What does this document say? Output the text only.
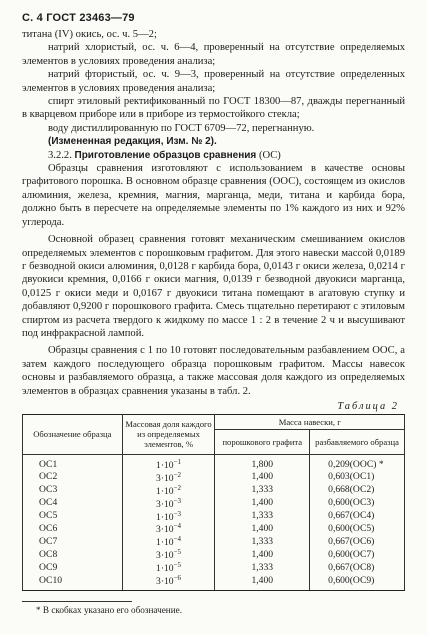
С. 4 ГОСТ 23463—79

титана (IV) окись, ос. ч. 5—2;

натрий хлористый, ос. ч. 6—4, проверенный на отсутствие определяемых элементов в условиях проведения анализа;

натрий фтористый, ос. ч. 9—3, проверенный на отсутствие определенных элементов в условиях проведения анализа;

спирт этиловый ректификованный по ГОСТ 18300—87, дважды перегнанный в кварцевом приборе или в приборе из термостойкого стекла;

воду дистиллированную по ГОСТ 6709—72, перегнанную.

(Измененная редакция, Изм. № 2).

3.2.2. Приготовление образцов сравнения (ОС)

Образцы сравнения изготовляют с использованием в качестве основы графитового порошка. В основном образце сравнения (ООС), состоящем из окислов алюминия, железа, кремния, магния, марганца, меди, титана и карбида бора, должно быть в пересчете на определяемые элементы по 1% каждого из них и 92% углерода.

Основной образец сравнения готовят механическим смешиванием окислов определяемых элементов с порошковым графитом. Для этого навески массой 0,0189 г безводной окиси алюминия, 0,0128 г карбида бора, 0,0143 г окиси железа, 0,0214 г двуокиси кремния, 0,0166 г окиси магния, 0,0139 г безводной двуокиси марганца, 0,0125 г окиси меди и 0,0167 г двуокиси титана помещают в агатовую ступку и добавляют 0,9200 г порошкового графита. Смесь тщательно перетирают с этиловым спиртом из расчета твердого к жидкому по массе 1 : 2 в течение 2 ч и высушивают под инфракрасной лампой.

Образцы сравнения с 1 по 10 готовят последовательным разбавлением ООС, а затем каждого последующего образца порошковым графитом. Массы навесок основы и разбавляемого образца, а также массовая доля каждого из определяемых элементов в образцах сравнения указаны в табл. 2.

Таблица 2
Обозначение образца	Массовая доля каждого из определяемых элементов, %	Масса навески, г	
		порошкового графита	разбавляемого образца
ОС1	$1\cdot 10^{-1}$	1,800	0,209(ООС) *
ОС2	$3\cdot 10^{-2}$	1,400	0,603(ОС1)
ОС3	$1\cdot 10^{-2}$	1,333	0,668(ОС2)
ОС4	$3\cdot 10^{-3}$	1,400	0,600(ОС3)
ОС5	$1\cdot 10^{-3}$	1,333	0,667(ОС4)
ОС6	$3\cdot 10^{-4}$	1,400	0,600(ОС5)
ОС7	$1\cdot 10^{-4}$	1,333	0,667(ОС6)
ОС8	$3\cdot 10^{-5}$	1,400	0,600(ОС7)
ОС9	$1\cdot 10^{-5}$	1,333	0,667(ОС8)
ОС10	$3\cdot 10^{-6}$	1,400	0,600(ОС9)
* В скобках указано его обозначение.
